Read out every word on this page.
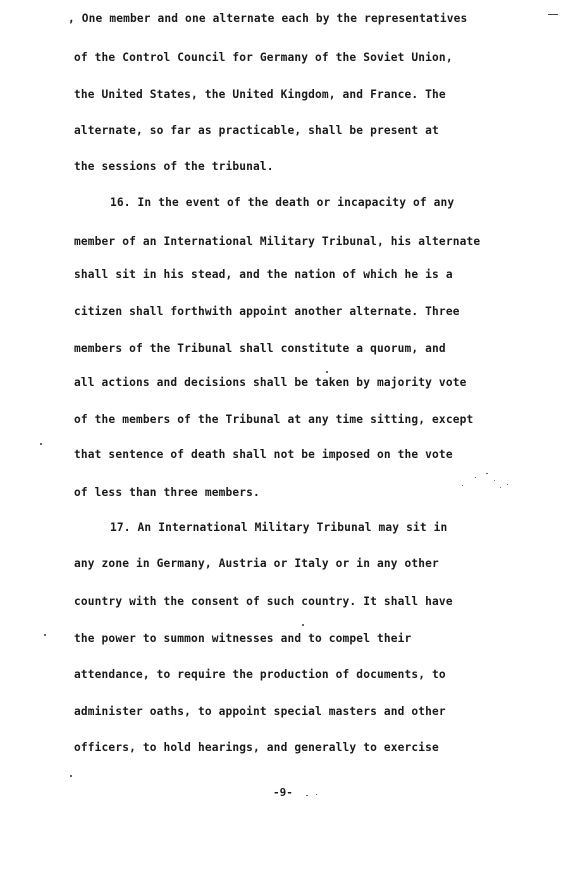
, One member and one alternate each by the representatives
of the Control Council for Germany of the Soviet Union,
the United States, the United Kingdom, and France. The
alternate, so far as practicable, shall be present at
the sessions of the tribunal.
16. In the event of the death or incapacity of any
member of an International Military Tribunal, his alternate
shall sit in his stead, and the nation of which he is a
citizen shall forthwith appoint another alternate. Three
members of the Tribunal shall constitute a quorum, and
all actions and decisions shall be taken by majority vote
of the members of the Tribunal at any time sitting, except
that sentence of death shall not be imposed on the vote
of less than three members.
17. An International Military Tribunal may sit in
any zone in Germany, Austria or Italy or in any other
country with the consent of such country. It shall have
the power to summon witnesses and to compel their
attendance, to require the production of documents, to
administer oaths, to appoint special masters and other
officers, to hold hearings, and generally to exercise
-9-
